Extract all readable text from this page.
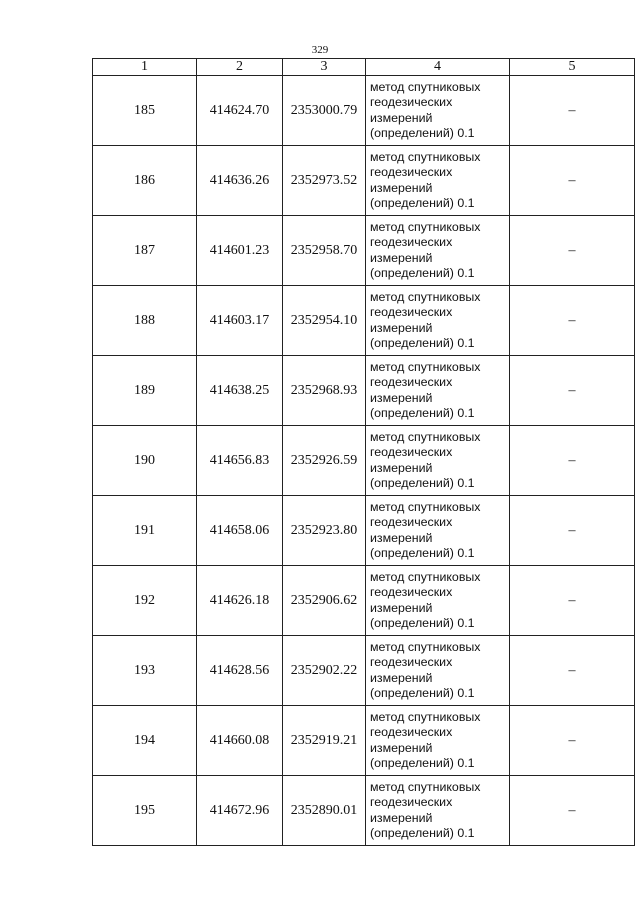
329
1	2	3	4	5
185	414624.70	2353000.79	метод спутниковых
геодезических
измерений
(определений) 0.1	–
186	414636.26	2352973.52	метод спутниковых
геодезических
измерений
(определений) 0.1	–
187	414601.23	2352958.70	метод спутниковых
геодезических
измерений
(определений) 0.1	–
188	414603.17	2352954.10	метод спутниковых
геодезических
измерений
(определений) 0.1	–
189	414638.25	2352968.93	метод спутниковых
геодезических
измерений
(определений) 0.1	–
190	414656.83	2352926.59	метод спутниковых
геодезических
измерений
(определений) 0.1	–
191	414658.06	2352923.80	метод спутниковых
геодезических
измерений
(определений) 0.1	–
192	414626.18	2352906.62	метод спутниковых
геодезических
измерений
(определений) 0.1	–
193	414628.56	2352902.22	метод спутниковых
геодезических
измерений
(определений) 0.1	–
194	414660.08	2352919.21	метод спутниковых
геодезических
измерений
(определений) 0.1	–
195	414672.96	2352890.01	метод спутниковых
геодезических
измерений
(определений) 0.1	–
